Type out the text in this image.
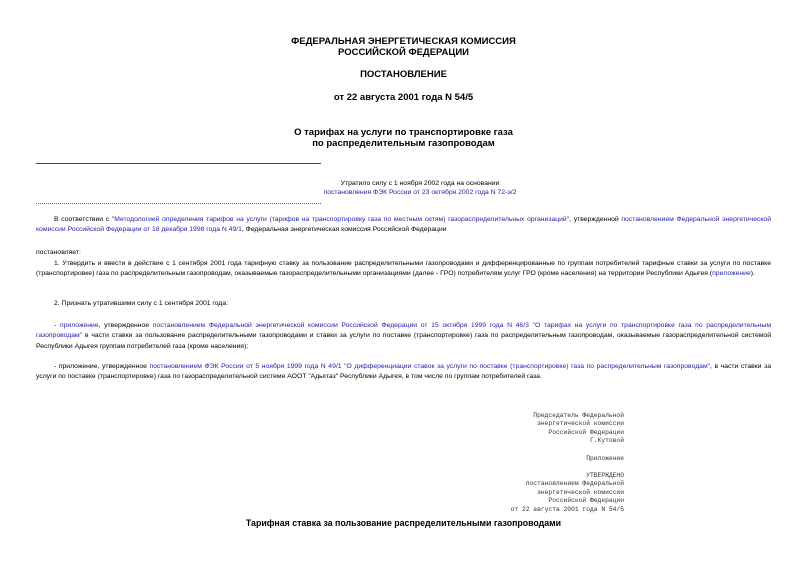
ФЕДЕРАЛЬНАЯ ЭНЕРГЕТИЧЕСКАЯ КОМИССИЯ
РОССИЙСКОЙ ФЕДЕРАЦИИ
ПОСТАНОВЛЕНИЕ
от 22 августа 2001 года N 54/5
О тарифах на услуги по транспортировке газа
по распределительным газопроводам
Утратило силу с 1 ноября 2002 года на основании
постановления ФЭК России от 23 октября 2002 года N 72-э/2
В соответствии с "Методологией определения тарифов на услуги (тарифов на транспортировку газа по местным сетям) газораспределительных организаций", утвержденной постановлением Федеральной энергетической комиссии Российской Федерации от 18 декабря 1998 года N 49/1, Федеральная энергетическая комиссия Российской Федерации
постановляет:
1. Утвердить и ввести в действие с 1 сентября 2001 года тарифную ставку за пользование распределительными газопроводами и дифференцированные по группам потребителей тарифные ставки за услуги по поставке (транспортировке) газа по распределительным газопроводам, оказываемые газораспределительными организациями (далее - ГРО) потребителям услуг ГРО (кроме населения) на территории Республики Адыгея (приложение).
2. Признать утратившими силу с 1 сентября 2001 года:
- приложение, утвержденное постановлением Федеральной энергетической комиссии Российской Федерации от 15 октября 1999 года N 46/3 "О тарифах на услуги по транспортировке газа по распределительным газопроводам" в части ставки за пользование распределительными газопроводами и ставки за услуги по поставке (транспортировке) газа по распределительным газопроводам, оказываемые газораспределительной системой Республики Адыгея группам потребителей газа (кроме населения);
- приложение, утвержденное постановлением ФЭК России от 5 ноября 1999 года N 49/1 "О дифференциации ставок за услуги по поставке (транспортировке) газа по распределительным газопроводам", в части ставки за услуги по поставке (транспортировке) газа по газораспределительной системе АООТ "Адыггаз" Республики Адыгея, в том числе по группам потребителей газа.
Председатель Федеральной
энергетической комиссии
Российской Федерации
Г.Кутовой
Приложение
УТВЕРЖДЕНО
постановлением Федеральной
энергетической комиссии
Российской Федерации
от 22 августа 2001 года N 54/5
Тарифная ставка за пользование распределительными газопроводами
